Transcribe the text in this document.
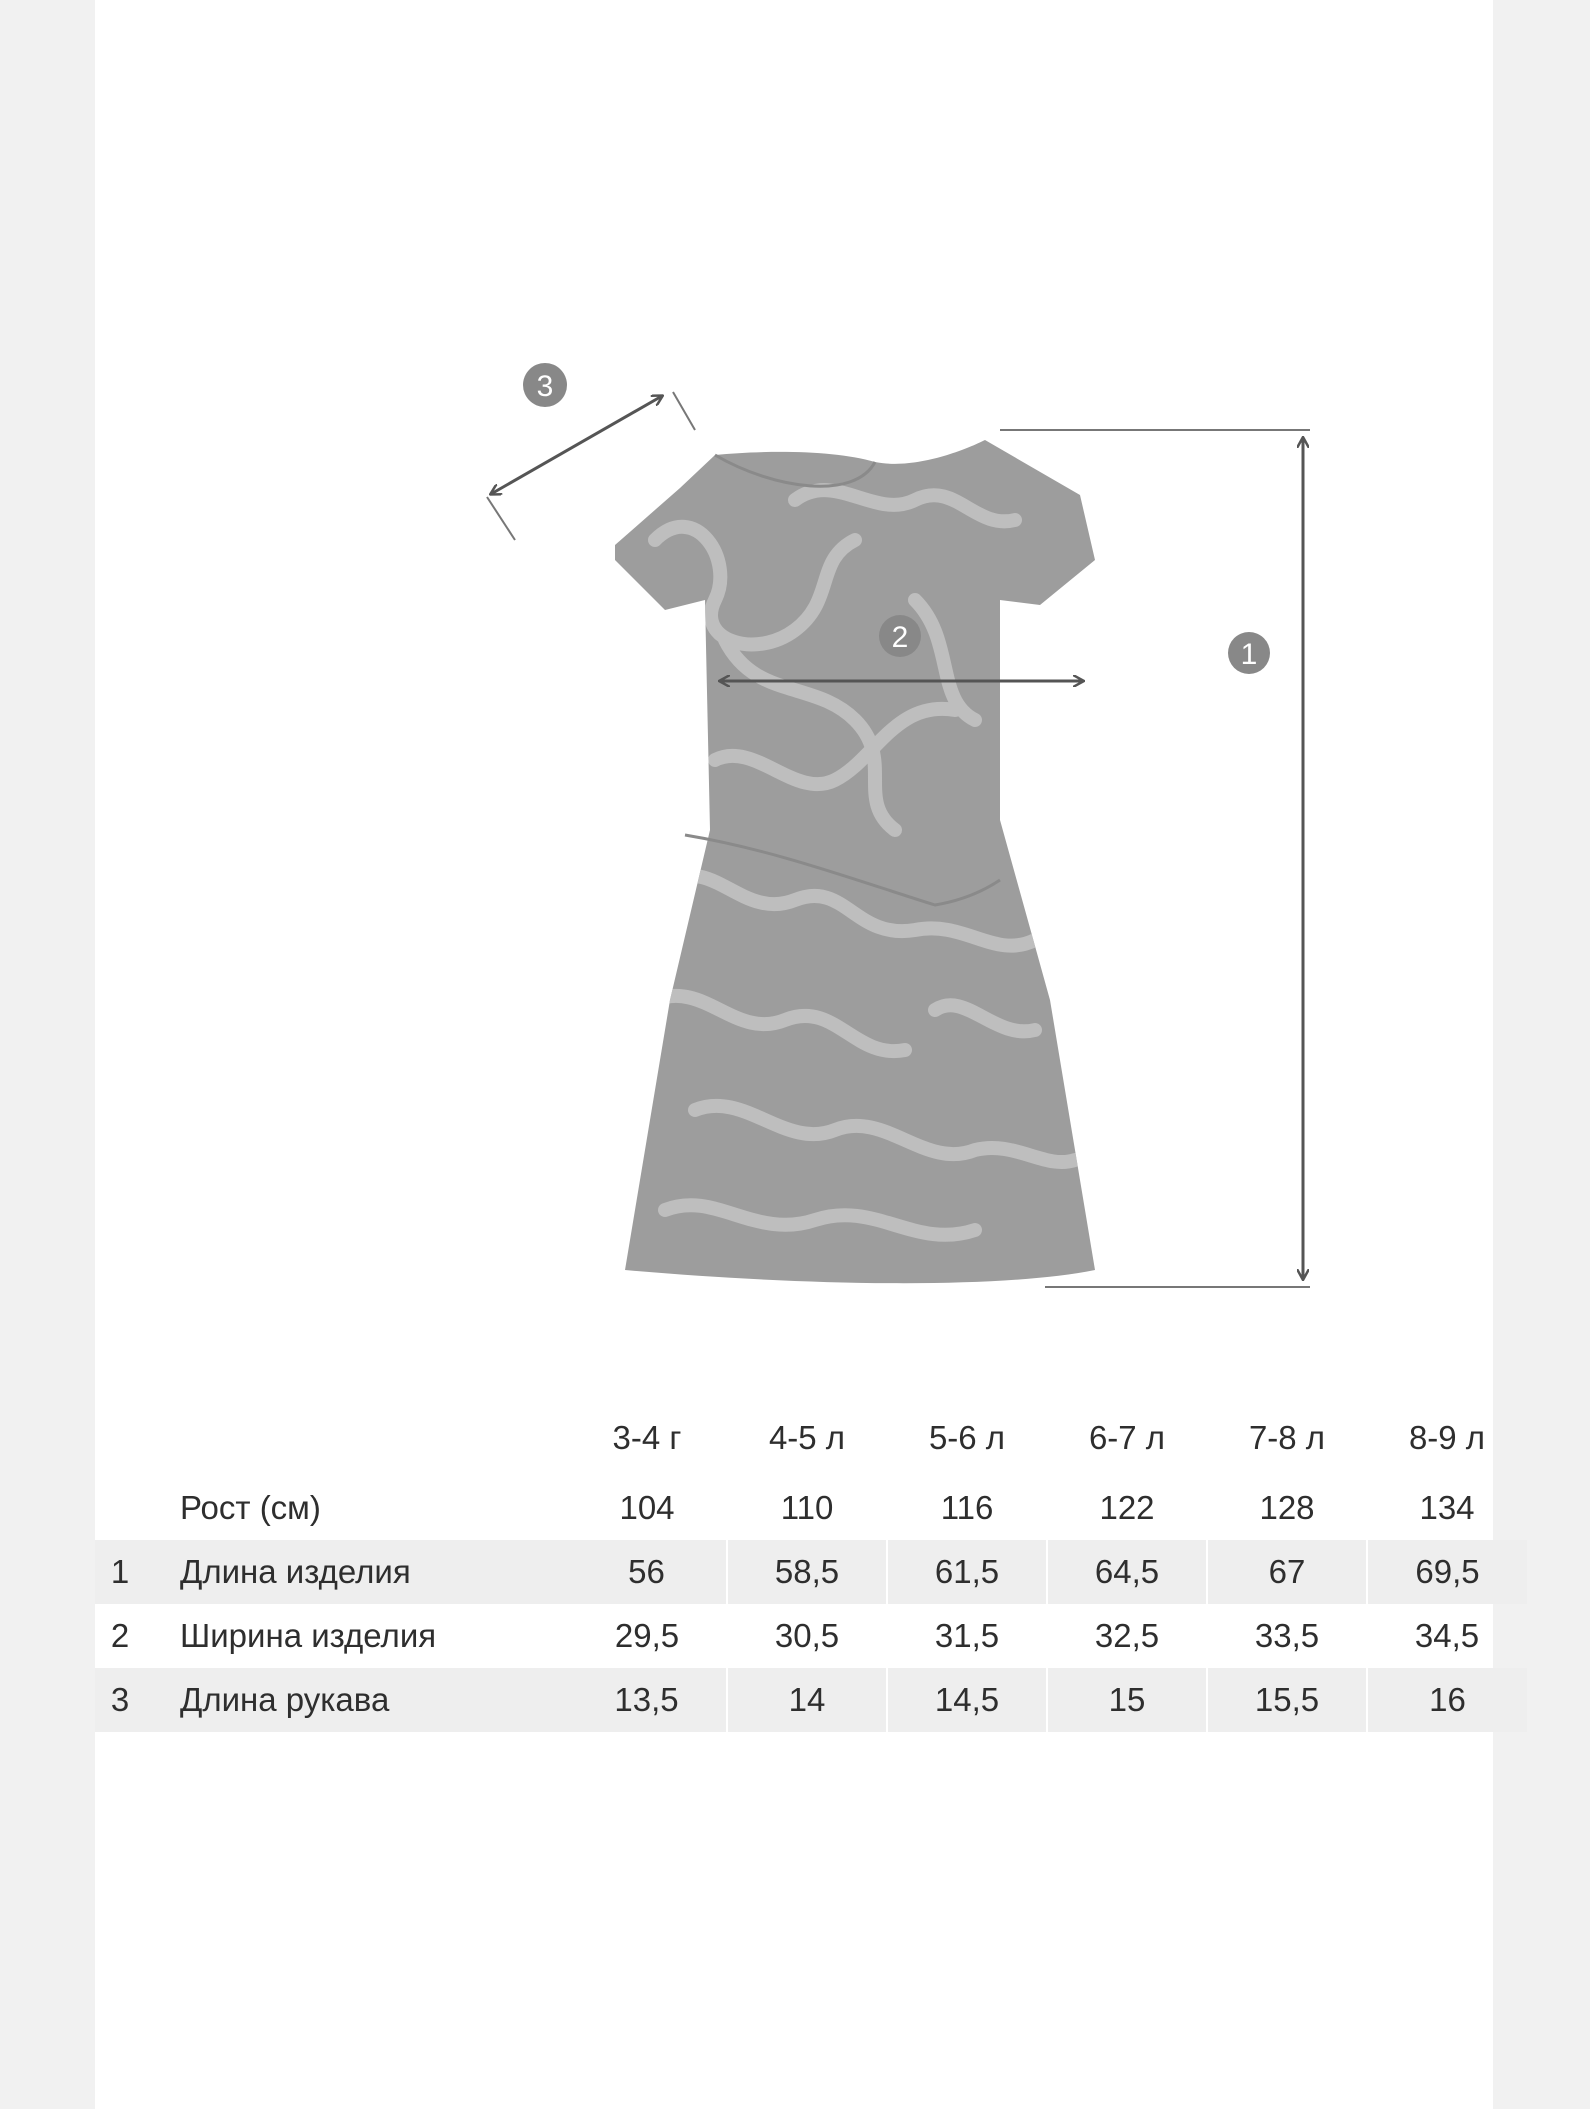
1
2
3
		3-4 г	4-5 л	5-6 л	6-7 л	7-8 л	8-9 л
	Рост (см)	104	110	116	122	128	134
1	Длина изделия	56	58,5	61,5	64,5	67	69,5
2	Ширина изделия	29,5	30,5	31,5	32,5	33,5	34,5
3	Длина рукава	13,5	14	14,5	15	15,5	16
